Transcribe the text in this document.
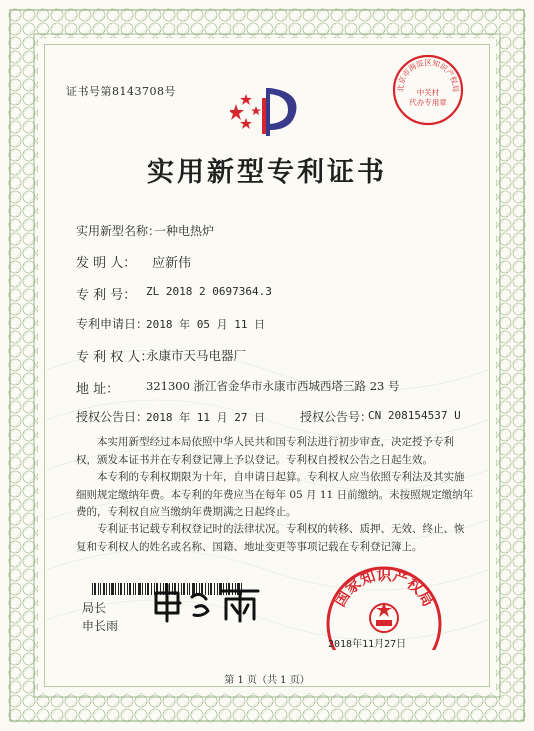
证书号第8143708号
实用新型专利证书
实用新型名称：
一种电热炉
发 明 人： 应新伟
专 利 号： ZL 2018 2 0697364.3
专利申请日：
2018 年 05 月 11 日
专 利 权 人：
永康市天马电器厂
地 址： 321300 浙江省金华市永康市西城西塔三路 23 号
授权公告日：
2018 年 11 月 27 日	授权公告号：
CN 208154537 U
本实用新型经过本局依照中华人民共和国专利法进行初步审查，决定授予专利权，颁发本证书并在专利登记簿上予以登记。专利权自授权公告之日起生效。
本专利的专利权期限为十年，自申请日起算。专利权人应当依照专利法及其实施细则规定缴纳年费。本专利的年费应当在每年 05 月 11 日前缴纳。未按照规定缴纳年费的，专利权自应当缴纳年费期满之日起终止。
专利证书记载专利权登记时的法律状况。专利权的转移、质押、无效、终止、恢复和专利权人的姓名或名称、国籍、地址变更等事项记载在专利登记簿上。
局长
申长雨
北京市海淀区知识产权局
中关村
代办专用章
国家知识产权局
2018年11月27日
第 1 页（共 1 页）
